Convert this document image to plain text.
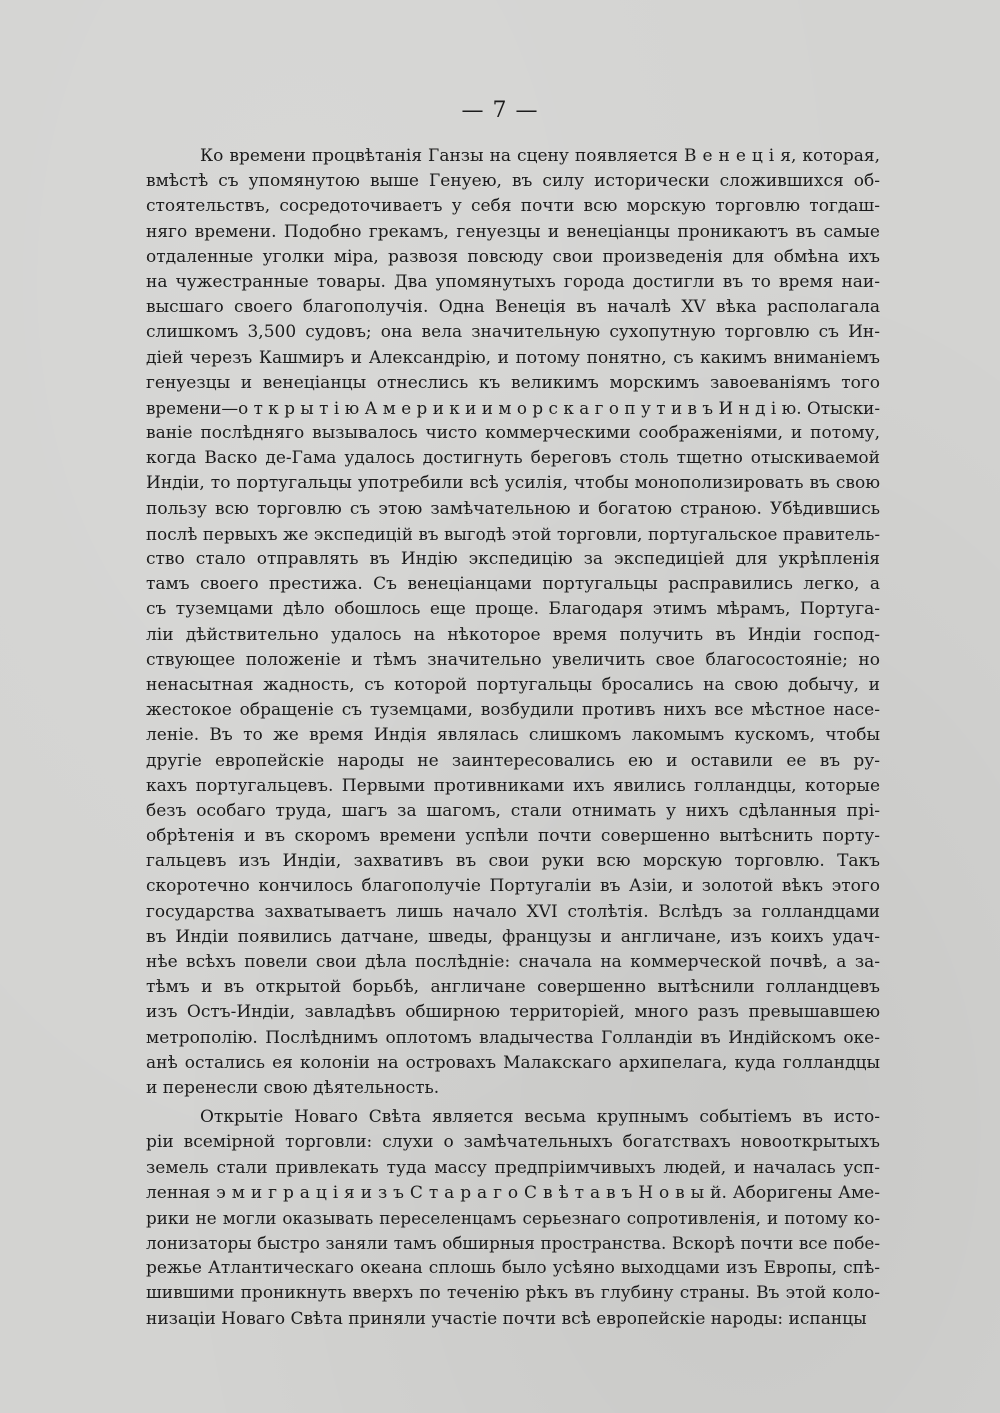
— 7 —
Ко времени процвѣтанія Ганзы на сцену появляется В е н е ц і я, которая,
вмѣстѣ съ упомянутою выше Генуею, въ силу исторически сложившихся об-
стоятельствъ, сосредоточиваетъ у себя почти всю морскую торговлю тогдаш-
няго времени. Подобно грекамъ, генуезцы и венеціанцы проникаютъ въ самые
отдаленные уголки міра, развозя повсюду свои произведенія для обмѣна ихъ
на чужестранные товары. Два упомянутыхъ города достигли въ то время наи-
высшаго своего благополучія. Одна Венеція въ началѣ XV вѣка располагала
слишкомъ 3,500 судовъ; она вела значительную сухопутную торговлю съ Ин-
діей черезъ Кашмиръ и Александрію, и потому понятно, съ какимъ вниманіемъ
генуезцы и венеціанцы отнеслись къ великимъ морскимъ завоеваніямъ того
времени—о т к р ы т і ю А м е р и к и и м о р с к а г о п у т и в ъ И н д і ю. Отыски-
ваніе послѣдняго вызывалось чисто коммерческими соображеніями, и потому,
когда Васко де-Гама удалось достигнуть береговъ столь тщетно отыскиваемой
Индіи, то португальцы употребили всѣ усилія, чтобы монополизировать въ свою
пользу всю торговлю съ этою замѣчательною и богатою страною. Убѣдившись
послѣ первыхъ же экспедицій въ выгодѣ этой торговли, португальское правитель-
ство стало отправлять въ Индію экспедицію за экспедиціей для укрѣпленія
тамъ своего престижа. Съ венеціанцами португальцы расправились легко, а
съ туземцами дѣло обошлось еще проще. Благодаря этимъ мѣрамъ, Португа-
ліи дѣйствительно удалось на нѣкоторое время получить въ Индіи господ-
ствующее положеніе и тѣмъ значительно увеличить свое благосостояніе; но
ненасытная жадность, съ которой португальцы бросались на свою добычу, и
жестокое обращеніе съ туземцами, возбудили противъ нихъ все мѣстное насе-
леніе. Въ то же время Индія являлась слишкомъ лакомымъ кускомъ, чтобы
другіе европейскіе народы не заинтересовались ею и оставили ее въ ру-
кахъ португальцевъ. Первыми противниками ихъ явились голландцы, которые
безъ особаго труда, шагъ за шагомъ, стали отнимать у нихъ сдѣланныя прі-
обрѣтенія и въ скоромъ времени успѣли почти совершенно вытѣснить порту-
гальцевъ изъ Индіи, захвативъ въ свои руки всю морскую торговлю. Такъ
скоротечно кончилось благополучіе Португаліи въ Азіи, и золотой вѣкъ этого
государства захватываетъ лишь начало XVI столѣтія. Вслѣдъ за голландцами
въ Индіи появились датчане, шведы, французы и англичане, изъ коихъ удач-
нѣе всѣхъ повели свои дѣла послѣдніе: сначала на коммерческой почвѣ, а за-
тѣмъ и въ открытой борьбѣ, англичане совершенно вытѣснили голландцевъ
изъ Остъ-Индіи, завладѣвъ обширною территоріей, много разъ превышавшею
метрополію. Послѣднимъ оплотомъ владычества Голландіи въ Индійскомъ оке-
анѣ остались ея колоніи на островахъ Малакскаго архипелага, куда голландцы
и перенесли свою дѣятельность.
Открытіе Новаго Свѣта является весьма крупнымъ событіемъ въ исто-
ріи всемірной торговли: слухи о замѣчательныхъ богатствахъ новооткрытыхъ
земель стали привлекать туда массу предпріимчивыхъ людей, и началась усп-
ленная э м и г р а ц і я и з ъ С т а р а г о С в ѣ т а в ъ Н о в ы й. Аборигены Аме-
рики не могли оказывать переселенцамъ серьезнаго сопротивленія, и потому ко-
лонизаторы быстро заняли тамъ обширныя пространства. Вскорѣ почти все побе-
режье Атлантическаго океана сплошь было усѣяно выходцами изъ Европы, спѣ-
шившими проникнуть вверхъ по теченію рѣкъ въ глубину страны. Въ этой коло-
низаціи Новаго Свѣта приняли участіе почти всѣ европейскіе народы: испанцы
